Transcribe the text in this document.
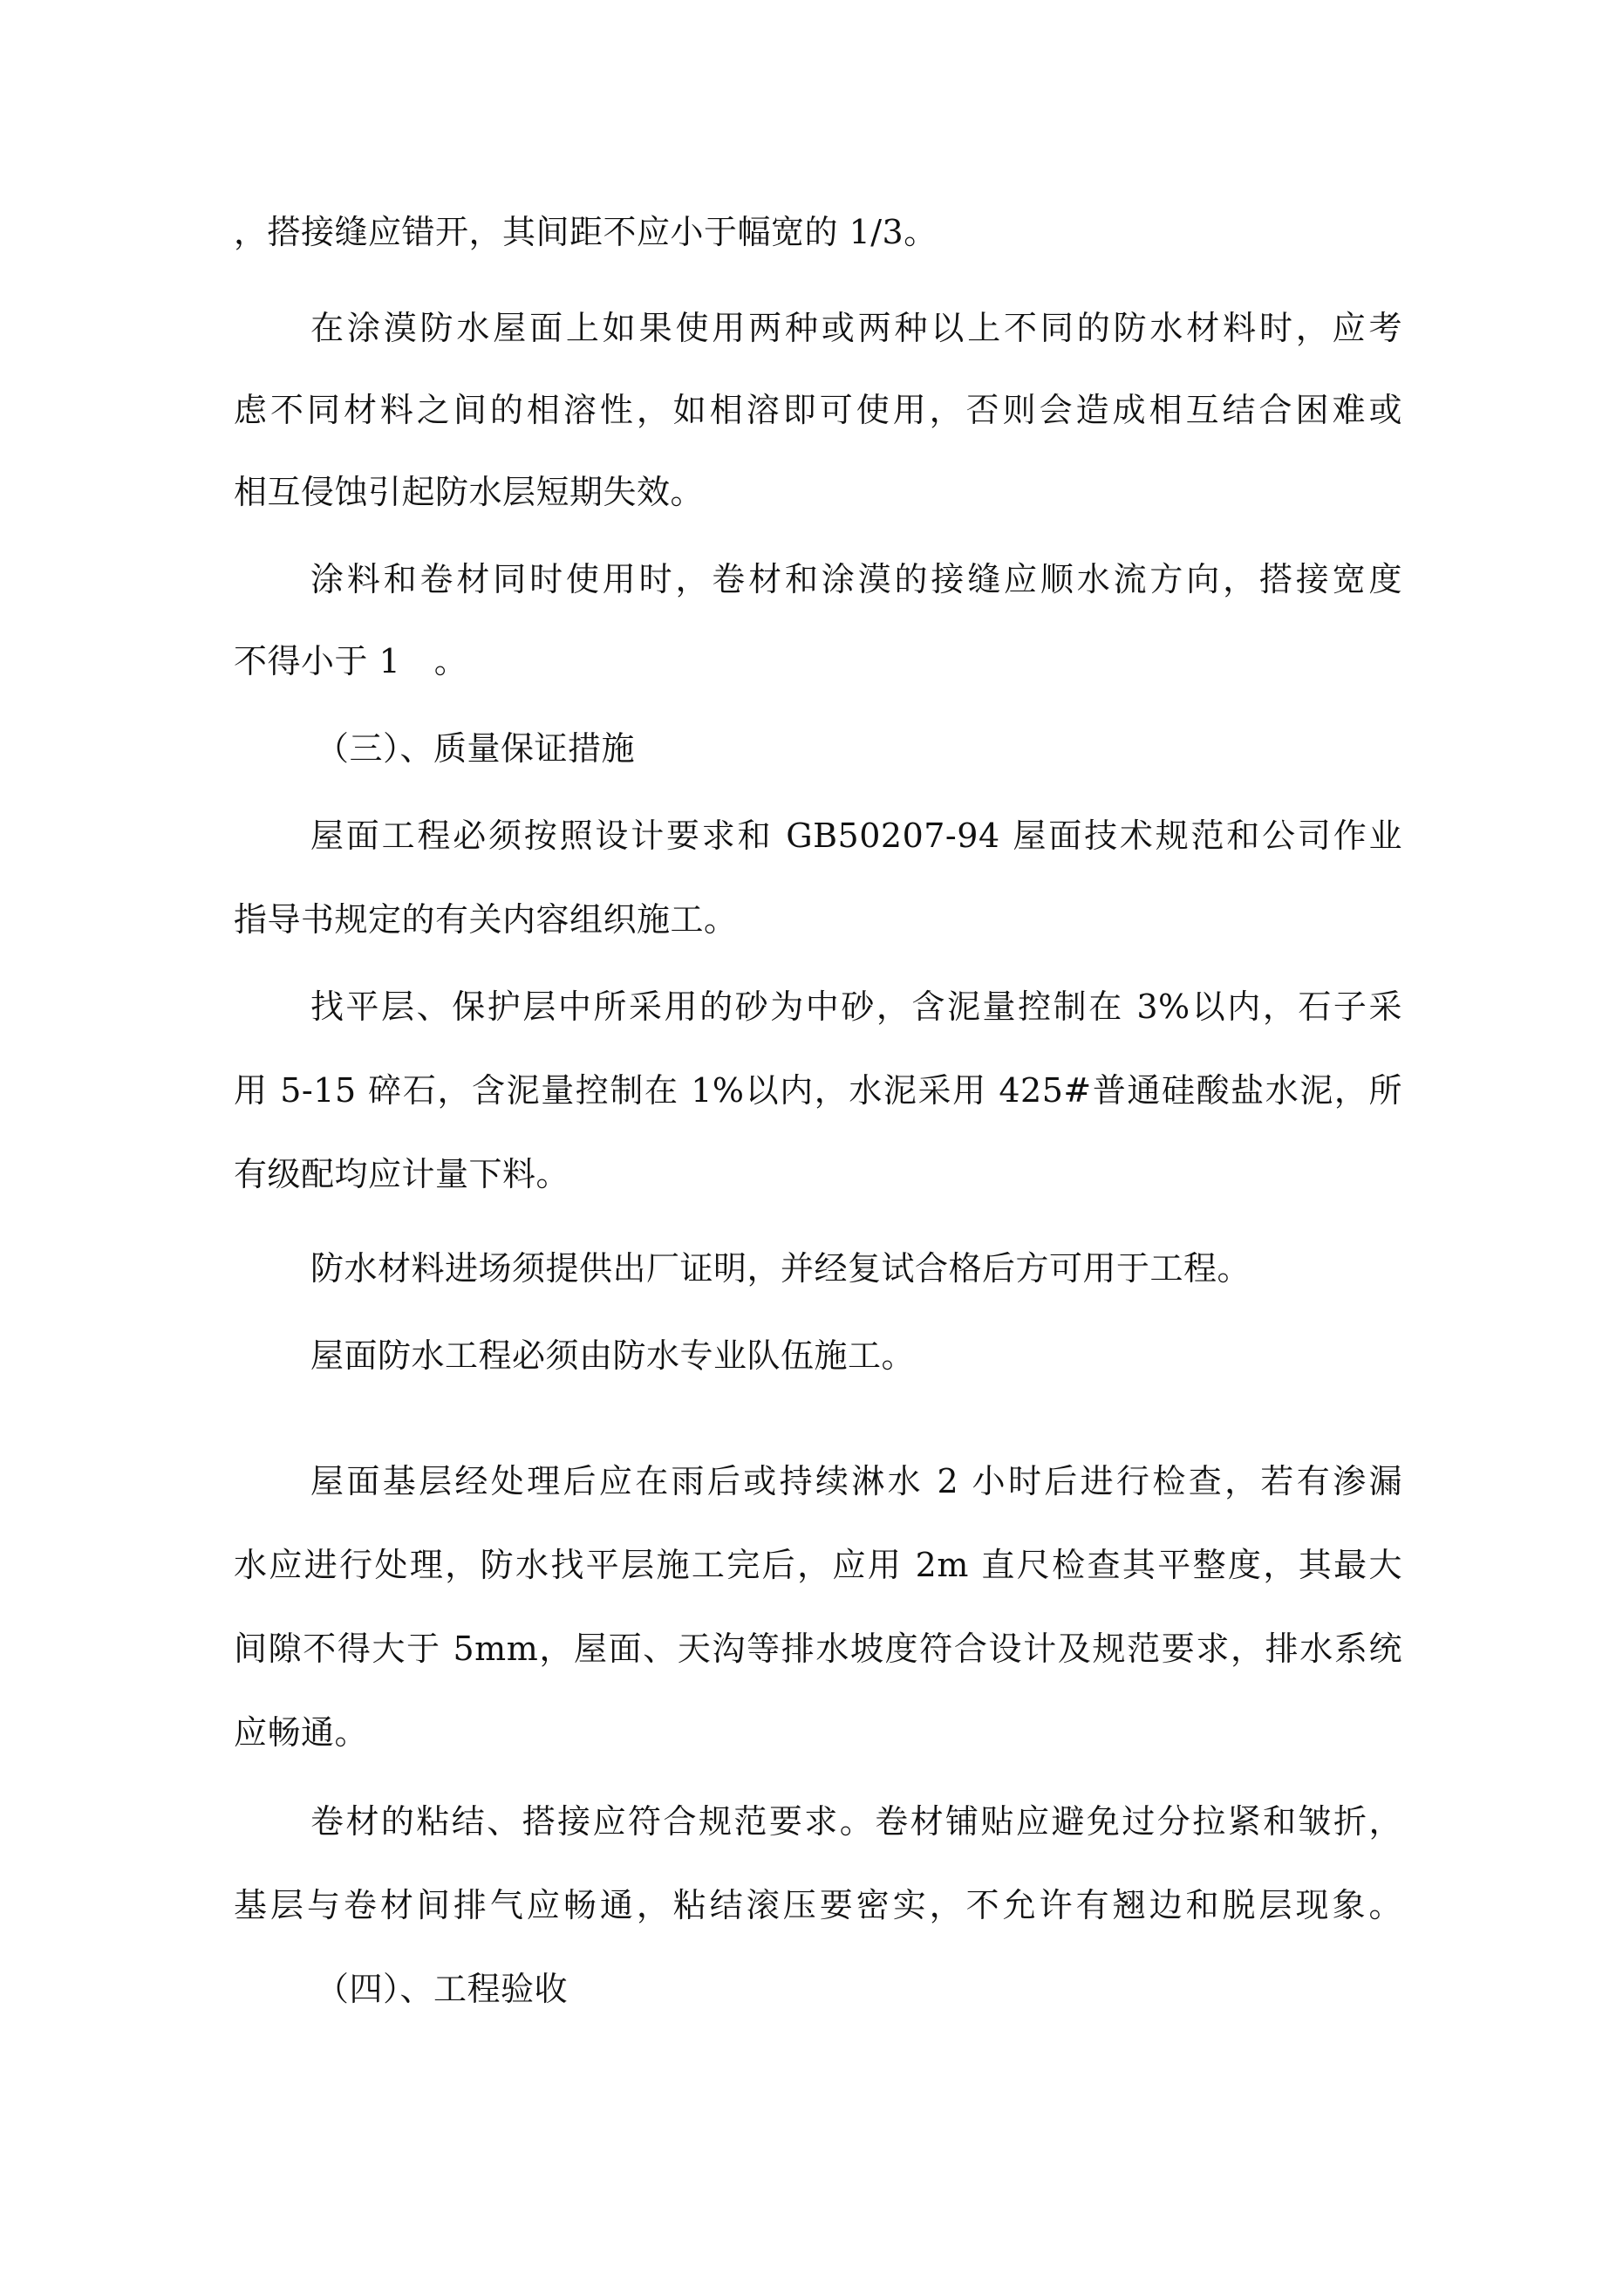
，搭接缝应错开，其间距不应小于幅宽的 1/3。
在涂漠防水屋面上如果使用两种或两种以上不同的防水材料时，应考
虑不同材料之间的相溶性，如相溶即可使用，否则会造成相互结合困难或
相互侵蚀引起防水层短期失效。
涂料和卷材同时使用时，卷材和涂漠的接缝应顺水流方向，搭接宽度
不得小于 1　。
（三）、质量保证措施
屋面工程必须按照设计要求和 GB50207-94 屋面技术规范和公司作业
指导书规定的有关内容组织施工。
找平层、保护层中所采用的砂为中砂，含泥量控制在 3%以内，石子采
用 5-15 碎石，含泥量控制在 1%以内，水泥采用 425#普通硅酸盐水泥，所
有级配均应计量下料。
防水材料进场须提供出厂证明，并经复试合格后方可用于工程。
屋面防水工程必须由防水专业队伍施工。
屋面基层经处理后应在雨后或持续淋水 2 小时后进行检查，若有渗漏
水应进行处理，防水找平层施工完后，应用 2m 直尺检查其平整度，其最大
间隙不得大于 5mm，屋面、天沟等排水坡度符合设计及规范要求，排水系统
应畅通。
卷材的粘结、搭接应符合规范要求。卷材铺贴应避免过分拉紧和皱折，
基层与卷材间排气应畅通，粘结滚压要密实，不允许有翘边和脱层现象。
（四）、工程验收
